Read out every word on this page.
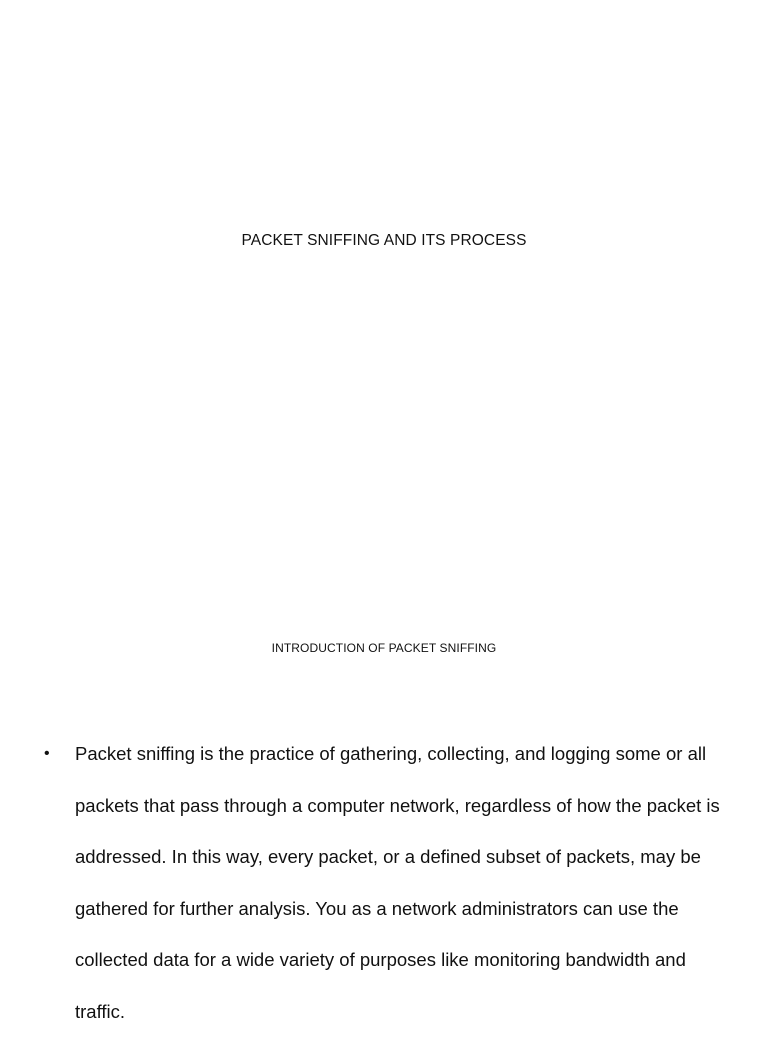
PACKET SNIFFING AND ITS PROCESS
INTRODUCTION OF PACKET SNIFFING
• Packet sniffing is the practice of gathering, collecting, and logging some or all packets that pass through a computer network, regardless of how the packet is addressed. In this way, every packet, or a defined subset of packets, may be gathered for further analysis. You as a network administrators can use the collected data for a wide variety of purposes like monitoring bandwidth and traffic.
